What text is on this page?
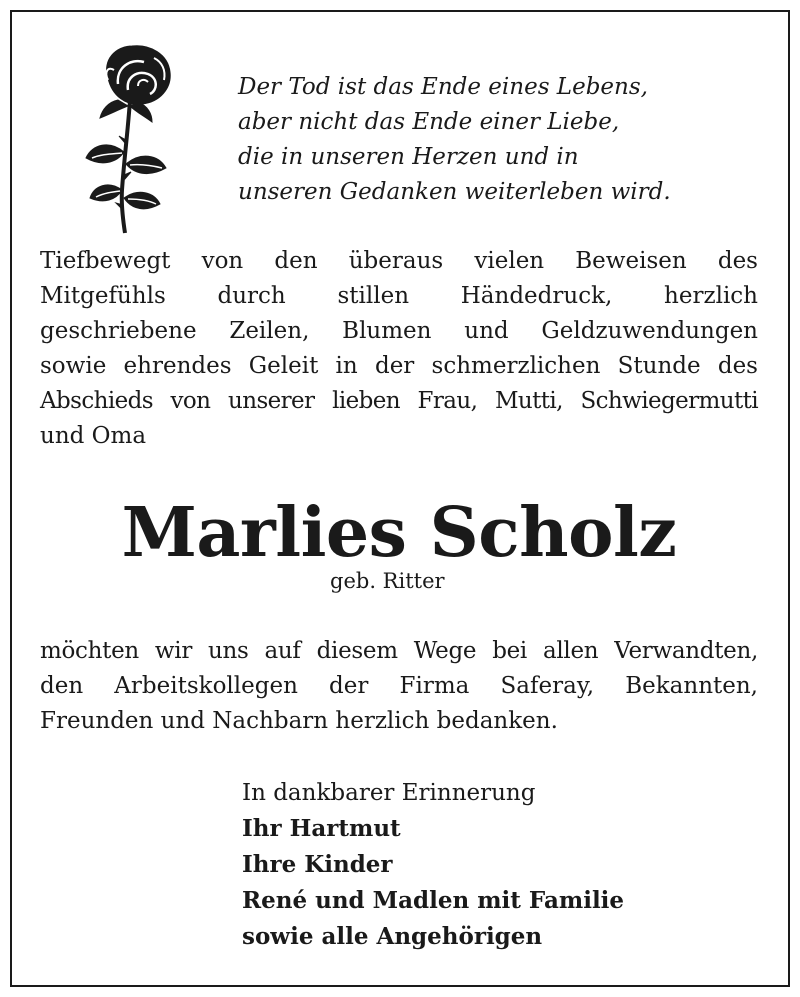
Der Tod ist das Ende eines Lebens,
aber nicht das Ende einer Liebe,
die in unseren Herzen und in
unseren Gedanken weiterleben wird.
Tiefbewegt von den überaus vielen Beweisen des
Mitgefühls durch stillen Händedruck, herzlich
geschriebene Zeilen, Blumen und Geldzuwendungen
sowie ehrendes Geleit in der schmerzlichen Stunde des
Abschieds von unserer lieben Frau, Mutti, Schwiegermutti
und Oma
Marlies Scholz
geb. Ritter
möchten wir uns auf diesem Wege bei allen Verwandten,
den Arbeitskollegen der Firma Saferay, Bekannten,
Freunden und Nachbarn herzlich bedanken.
In dankbarer Erinnerung
Ihr Hartmut
Ihre Kinder
René und Madlen mit Familie
sowie alle Angehörigen
